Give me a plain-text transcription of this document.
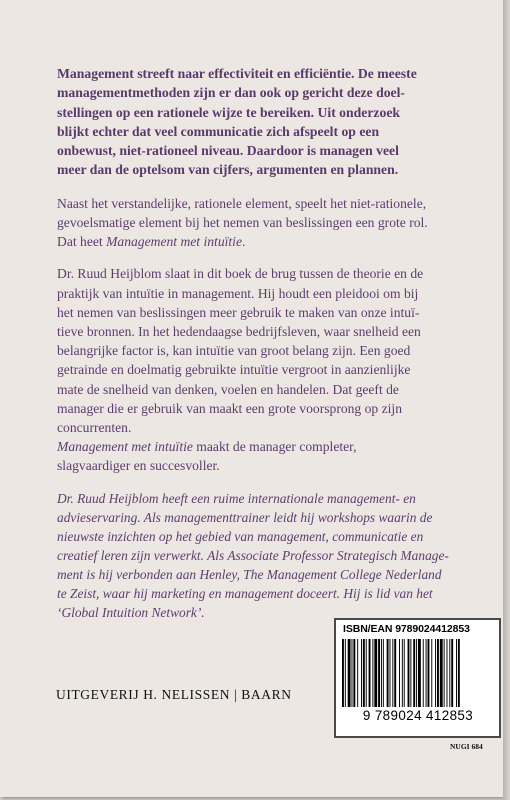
Management streeft naar effectiviteit en efficiëntie. De meeste
managementmethoden zijn er dan ook op gericht deze doel-
stellingen op een rationele wijze te bereiken. Uit onderzoek
blijkt echter dat veel communicatie zich afspeelt op een
onbewust, niet-rationeel niveau. Daardoor is managen veel
meer dan de optelsom van cijfers, argumenten en plannen.

Naast het verstandelijke, rationele element, speelt het niet-rationele,
gevoelsmatige element bij het nemen van beslissingen een grote rol.
Dat heet Management met intuïtie.

Dr. Ruud Heijblom slaat in dit boek de brug tussen de theorie en de
praktijk van intuïtie in management. Hij houdt een pleidooi om bij
het nemen van beslissingen meer gebruik te maken van onze intuï-
tieve bronnen. In het hedendaagse bedrijfsleven, waar snelheid een
belangrijke factor is, kan intuïtie van groot belang zijn. Een goed
getrainde en doelmatig gebruikte intuïtie vergroot in aanzienlijke
mate de snelheid van denken, voelen en handelen. Dat geeft de
manager die er gebruik van maakt een grote voorsprong op zijn
concurrenten.
Management met intuïtie maakt de manager completer,
slagvaardiger en succesvoller.

Dr. Ruud Heijblom heeft een ruime internationale management- en
advieservaring. Als managementtrainer leidt hij workshops waarin de
nieuwste inzichten op het gebied van management, communicatie en
creatief leren zijn verwerkt. Als Associate Professor Strategisch Manage-
ment is hij verbonden aan Henley, The Management College Nederland
te Zeist, waar hij marketing en management doceert. Hij is lid van het
‘Global Intuition Network’.

UITGEVERIJ H. NELISSEN | BAARN
ISBN/EAN 9789024412853
9 789024 412853
NUGI 684
